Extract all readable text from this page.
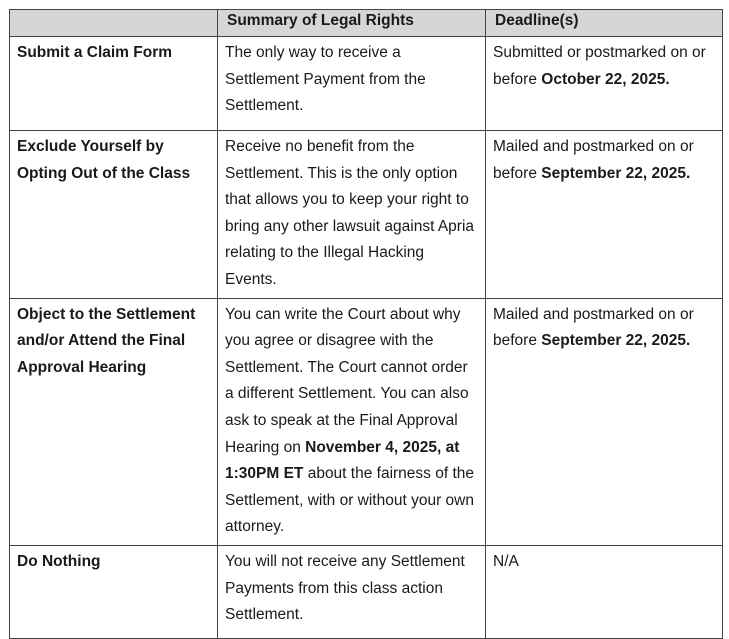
	Summary of Legal Rights	Deadline(s)
Submit a Claim Form	The only way to receive a Settlement Payment from the Settlement.	Submitted or postmarked on or before October 22, 2025.
Exclude Yourself by Opting Out of the Class	Receive no benefit from the Settlement. This is the only option that allows you to keep your right to bring any other lawsuit against Apria relating to the Illegal Hacking Events.	Mailed and postmarked on or before September 22, 2025.
Object to the Settlement and/or Attend the Final Approval Hearing	You can write the Court about why you agree or disagree with the Settlement. The Court cannot order a different Settlement. You can also ask to speak at the Final Approval Hearing on November 4, 2025, at 1:30PM ET about the fairness of the Settlement, with or without your own attorney.	Mailed and postmarked on or before September 22, 2025.
Do Nothing	You will not receive any Settlement Payments from this class action Settlement.	N/A
